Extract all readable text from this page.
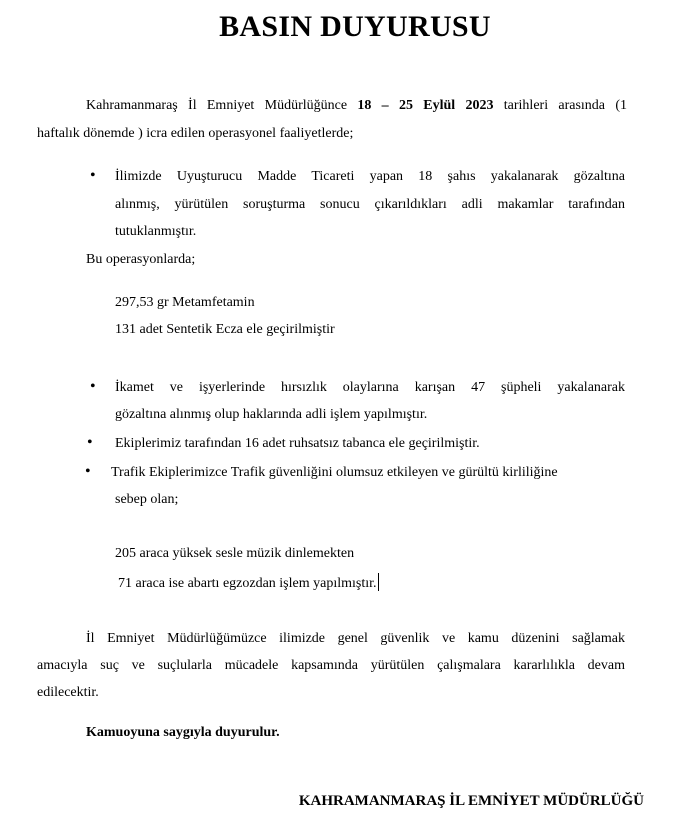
BASIN DUYURUSU
Kahramanmaraş İl Emniyet Müdürlüğünce 18 – 25 Eylül 2023 tarihleri arasında (1
haftalık dönemde ) icra edilen operasyonel faaliyetlerde;
• İlimizde Uyuşturucu Madde Ticareti yapan 18 şahıs yakalanarak gözaltına
alınmış, yürütülen soruşturma sonucu çıkarıldıkları adli makamlar tarafından
tutuklanmıştır.
Bu operasyonlarda;
297,53 gr Metamfetamin
131 adet Sentetik Ecza ele geçirilmiştir
• İkamet ve işyerlerinde hırsızlık olaylarına karışan 47 şüpheli yakalanarak
gözaltına alınmış olup haklarında adli işlem yapılmıştır.
• Ekiplerimiz tarafından 16 adet ruhsatsız tabanca ele geçirilmiştir.
• Trafik Ekiplerimizce Trafik güvenliğini olumsuz etkileyen ve gürültü kirliliğine
sebep olan;
205 araca yüksek sesle müzik dinlemekten
71 araca ise abartı egzozdan işlem yapılmıştır.
İl Emniyet Müdürlüğümüzce ilimizde genel güvenlik ve kamu düzenini sağlamak
amacıyla suç ve suçlularla mücadele kapsamında yürütülen çalışmalara kararlılıkla devam
edilecektir.
Kamuoyuna saygıyla duyurulur.
KAHRAMANMARAŞ İL EMNİYET MÜDÜRLÜĞÜ
